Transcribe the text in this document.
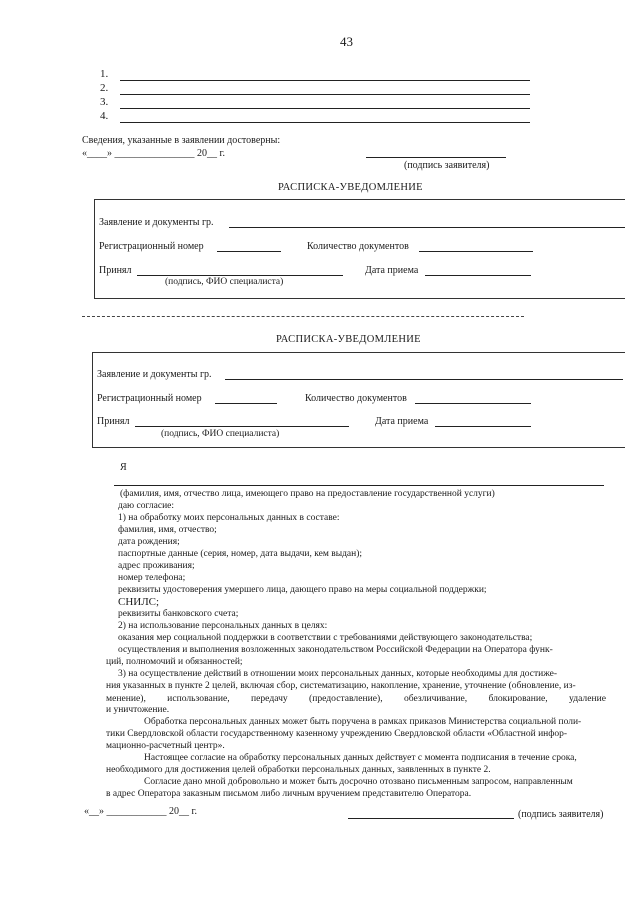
43
1.
2.
3.
4.
Сведения, указанные в заявлении достоверны:
«____» ________________ 20__ г.
(подпись заявителя)
РАСПИСКА-УВЕДОМЛЕНИЕ
Заявление и документы гр.
Регистрационный номер	Количество документов
Принял	Дата приема
(подпись, ФИО специалиста)
РАСПИСКА-УВЕДОМЛЕНИЕ
Заявление и документы гр.
Регистрационный номер	Количество документов
Принял	Дата приема
(подпись, ФИО специалиста)
Я
(фамилия, имя, отчество лица, имеющего право на предоставление государственной услуги)
даю согласие:
1) на обработку моих персональных данных в составе:
фамилия, имя, отчество;
дата рождения;
паспортные данные (серия, номер, дата выдачи, кем выдан);
адрес проживания;
номер телефона;
реквизиты удостоверения умершего лица, дающего право на меры социальной поддержки;
СНИЛС;
реквизиты банковского счета;
2) на использование персональных данных в целях:
оказания мер социальной поддержки в соответствии с требованиями действующего законодательства;
осуществления и выполнения возложенных законодательством Российской Федерации на Оператора функ-
ций, полномочий и обязанностей;
3) на осуществление действий в отношении моих персональных данных, которые необходимы для достиже-
ния указанных в пункте 2 целей, включая сбор, систематизацию, накопление, хранение, уточнение (обновление, из-
менение), использование, передачу (предоставление), обезличивание, блокирование, удаление
и уничтожение.
Обработка персональных данных может быть поручена в рамках приказов Министерства социальной поли-
тики Свердловской области государственному казенному учреждению Свердловской области «Областной инфор-
мационно-расчетный центр».
Настоящее согласие на обработку персональных данных действует с момента подписания в течение срока,
необходимого для достижения целей обработки персональных данных, заявленных в пункте 2.
Согласие дано мной добровольно и может быть досрочно отозвано письменным запросом, направленным
в адрес Оператора заказным письмом либо личным вручением представителю Оператора.
«__» ____________ 20__ г.	(подпись заявителя)
